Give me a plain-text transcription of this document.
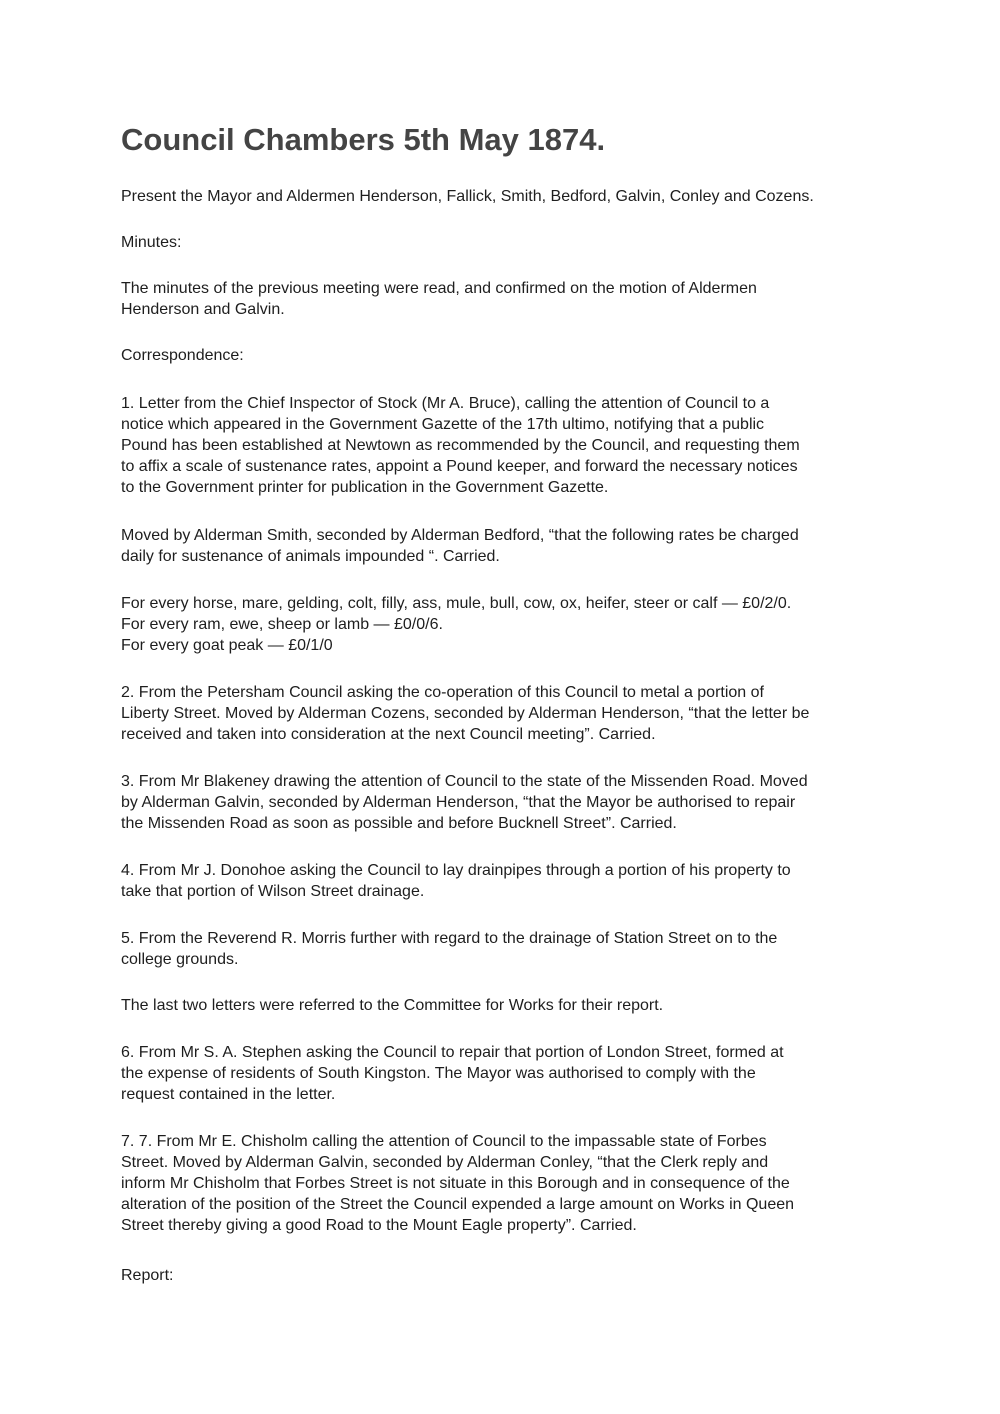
Council Chambers 5th May 1874.

Present the Mayor and Aldermen Henderson, Fallick, Smith, Bedford, Galvin, Conley and Cozens.

Minutes:

The minutes of the previous meeting were read, and confirmed on the motion of Aldermen
Henderson and Galvin.

Correspondence:

1. Letter from the Chief Inspector of Stock (Mr A. Bruce), calling the attention of Council to a
notice which appeared in the Government Gazette of the 17th ultimo, notifying that a public
Pound has been established at Newtown as recommended by the Council, and requesting them
to affix a scale of sustenance rates, appoint a Pound keeper, and forward the necessary notices
to the Government printer for publication in the Government Gazette.

Moved by Alderman Smith, seconded by Alderman Bedford, “that the following rates be charged
daily for sustenance of animals impounded “. Carried.

For every horse, mare, gelding, colt, filly, ass, mule, bull, cow, ox, heifer, steer or calf — £0/2/0.
For every ram, ewe, sheep or lamb — £0/0/6.
For every goat peak — £0/1/0

2. From the Petersham Council asking the co-operation of this Council to metal a portion of
Liberty Street. Moved by Alderman Cozens, seconded by Alderman Henderson, “that the letter be
received and taken into consideration at the next Council meeting”. Carried.

3. From Mr Blakeney drawing the attention of Council to the state of the Missenden Road. Moved
by Alderman Galvin, seconded by Alderman Henderson, “that the Mayor be authorised to repair
the Missenden Road as soon as possible and before Bucknell Street”. Carried.

4. From Mr J. Donohoe asking the Council to lay drainpipes through a portion of his property to
take that portion of Wilson Street drainage.

5. From the Reverend R. Morris further with regard to the drainage of Station Street on to the
college grounds.

The last two letters were referred to the Committee for Works for their report.

6. From Mr S. A. Stephen asking the Council to repair that portion of London Street, formed at
the expense of residents of South Kingston. The Mayor was authorised to comply with the
request contained in the letter.

7. 7. From Mr E. Chisholm calling the attention of Council to the impassable state of Forbes
Street. Moved by Alderman Galvin, seconded by Alderman Conley, “that the Clerk reply and
inform Mr Chisholm that Forbes Street is not situate in this Borough and in consequence of the
alteration of the position of the Street the Council expended a large amount on Works in Queen
Street thereby giving a good Road to the Mount Eagle property”. Carried.

Report:
